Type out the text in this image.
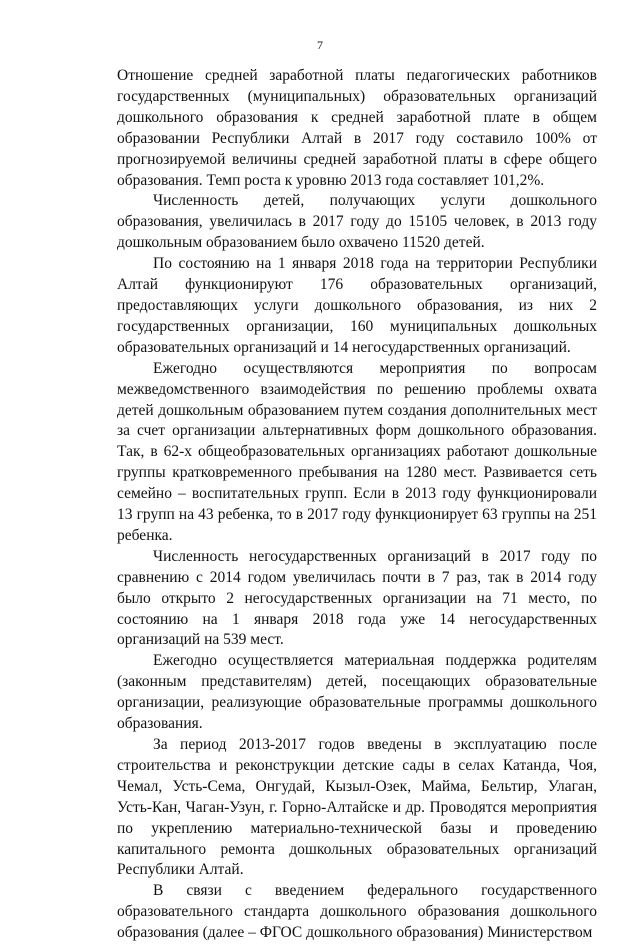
7

Отношение средней заработной платы педагогических работников государственных (муниципальных) образовательных организаций дошкольного образования к средней заработной плате в общем образовании Республики Алтай в 2017 году составило 100% от прогнозируемой величины средней заработной платы в сфере общего образования. Темп роста к уровню 2013 года составляет 101,2%.

Численность детей, получающих услуги дошкольного образования, увеличилась в 2017 году до 15105 человек, в 2013 году дошкольным образованием было охвачено 11520 детей.

По состоянию на 1 января 2018 года на территории Республики Алтай функционируют 176 образовательных организаций, предоставляющих услуги дошкольного образования, из них 2 государственных организации, 160 муниципальных дошкольных образовательных организаций и 14 негосударственных организаций.

Ежегодно осуществляются мероприятия по вопросам межведомственного взаимодействия по решению проблемы охвата детей дошкольным образованием путем создания дополнительных мест за счет организации альтернативных форм дошкольного образования. Так, в 62-х общеобразовательных организациях работают дошкольные группы кратковременного пребывания на 1280 мест. Развивается сеть семейно – воспитательных групп. Если в 2013 году функционировали 13 групп на 43 ребенка, то в 2017 году функционирует 63 группы на 251 ребенка.

Численность негосударственных организаций в 2017 году по сравнению с 2014 годом увеличилась почти в 7 раз, так в 2014 году было открыто 2 негосударственных организации на 71 место, по состоянию на 1 января 2018 года уже 14 негосударственных организаций на 539 мест.

Ежегодно осуществляется материальная поддержка родителям (законным представителям) детей, посещающих образовательные организации, реализующие образовательные программы дошкольного образования.

За период 2013-2017 годов введены в эксплуатацию после строительства и реконструкции детские сады в селах Катанда, Чоя, Чемал, Усть-Сема, Онгудай, Кызыл-Озек, Майма, Бельтир, Улаган, Усть-Кан, Чаган-Узун, г. Горно-Алтайске и др. Проводятся мероприятия по укреплению материально-технической базы и проведению капитального ремонта дошкольных образовательных организаций Республики Алтай.

В связи с введением федерального государственного образовательного стандарта дошкольного образования дошкольного образования (далее – ФГОС дошкольного образования) Министерством
